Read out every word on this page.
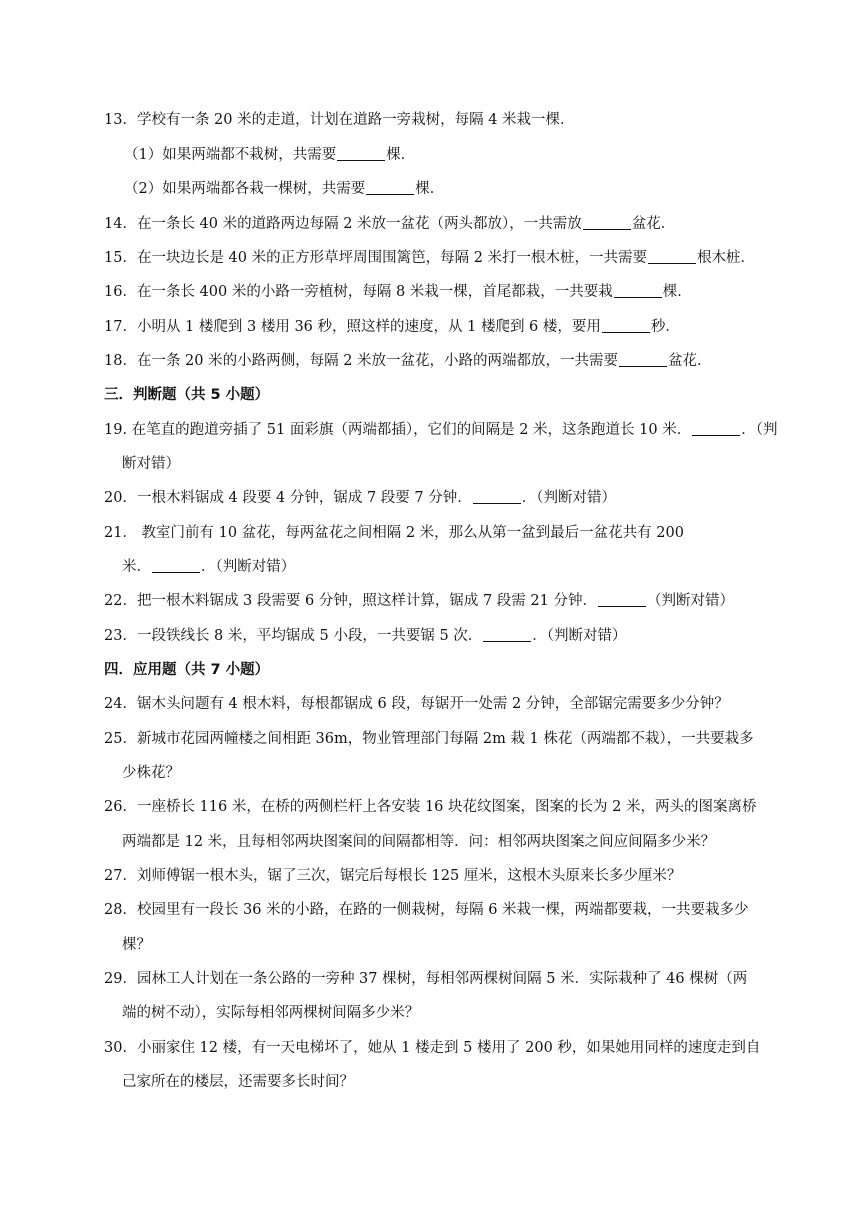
13．学校有一条 20 米的走道，计划在道路一旁栽树，每隔 4 米栽一棵．
（1）如果两端都不栽树，共需要	棵．
（2）如果两端都各栽一棵树，共需要	棵．
14．在一条长 40 米的道路两边每隔 2 米放一盆花（两头都放），一共需放	盆花．
15．在一块边长是 40 米的正方形草坪周围围篱笆，每隔 2 米打一根木桩，一共需要	根木桩．
16．在一条长 400 米的小路一旁植树，每隔 8 米栽一棵，首尾都栽，一共要栽	棵．
17．小明从 1 楼爬到 3 楼用 36 秒，照这样的速度，从 1 楼爬到 6 楼，要用	秒．
18．在一条 20 米的小路两侧，每隔 2 米放一盆花，小路的两端都放，一共需要	盆花．
三．判断题（共 5 小题）
19. 在笔直的跑道旁插了 51 面彩旗（两端都插），它们的间隔是 2 米，这条跑道长 10 米．	．（判
断对错）
20．一根木料锯成 4 段要 4 分钟，锯成 7 段要 7 分钟．	．（判断对错）
21． 教室门前有 10 盆花，每两盆花之间相隔 2 米，那么从第一盆到最后一盆花共有 200
米．	．（判断对错）
22．把一根木料锯成 3 段需要 6 分钟，照这样计算，锯成 7 段需 21 分钟．	（判断对错）
23．一段铁线长 8 米，平均锯成 5 小段，一共要锯 5 次．	．（判断对错）
四．应用题（共 7 小题）
24．锯木头问题有 4 根木料，每根都锯成 6 段，每锯开一处需 2 分钟，全部锯完需要多少分钟？
25．新城市花园两幢楼之间相距 36m，物业管理部门每隔 2m 栽 1 株花（两端都不栽），一共要栽多
少株花？
26．一座桥长 116 米，在桥的两侧栏杆上各安装 16 块花纹图案，图案的长为 2 米，两头的图案离桥
两端都是 12 米，且每相邻两块图案间的间隔都相等．问：相邻两块图案之间应间隔多少米？
27．刘师傅锯一根木头，锯了三次，锯完后每根长 125 厘米，这根木头原来长多少厘米？
28．校园里有一段长 36 米的小路，在路的一侧栽树，每隔 6 米栽一棵，两端都要栽，一共要栽多少
棵？
29．园林工人计划在一条公路的一旁种 37 棵树，每相邻两棵树间隔 5 米．实际栽种了 46 棵树（两
端的树不动），实际每相邻两棵树间隔多少米？
30．小丽家住 12 楼，有一天电梯坏了，她从 1 楼走到 5 楼用了 200 秒，如果她用同样的速度走到自
己家所在的楼层，还需要多长时间？
